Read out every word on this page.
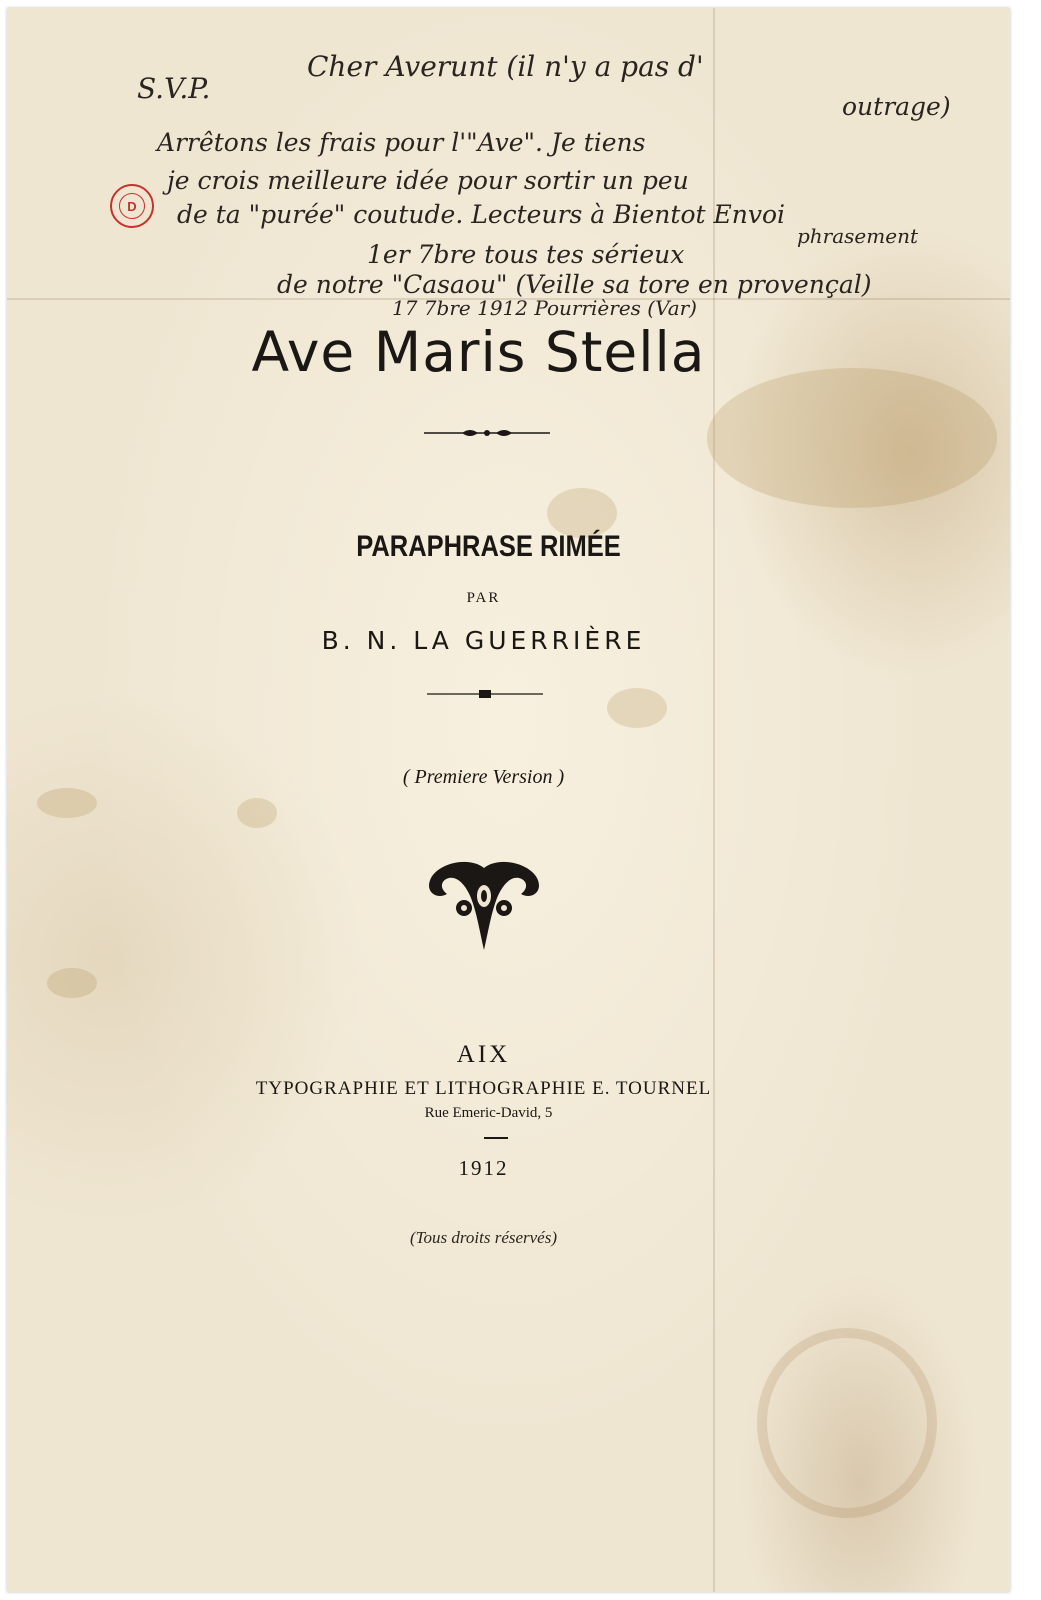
S.V.P.
Cher Averunt (il n'y a pas d'
outrage)
Arrêtons les frais pour l'"Ave". Je tiens
je crois meilleure idée pour sortir un peu
de ta "purée" coutude. Lecteurs à Bientot Envoi
phrasement
1er 7bre tous tes sérieux
de notre "Casaou" (Veille sa tore en provençal)
17 7bre 1912 Pourrières (Var)
D
Ave Maris Stella
PARAPHRASE RIMÉE
PAR
B. N. LA GUERRIÈRE
( Premiere Version )
AIX
TYPOGRAPHIE ET LITHOGRAPHIE E. TOURNEL
Rue Emeric-David, 5
1912
(Tous droits réservés)
